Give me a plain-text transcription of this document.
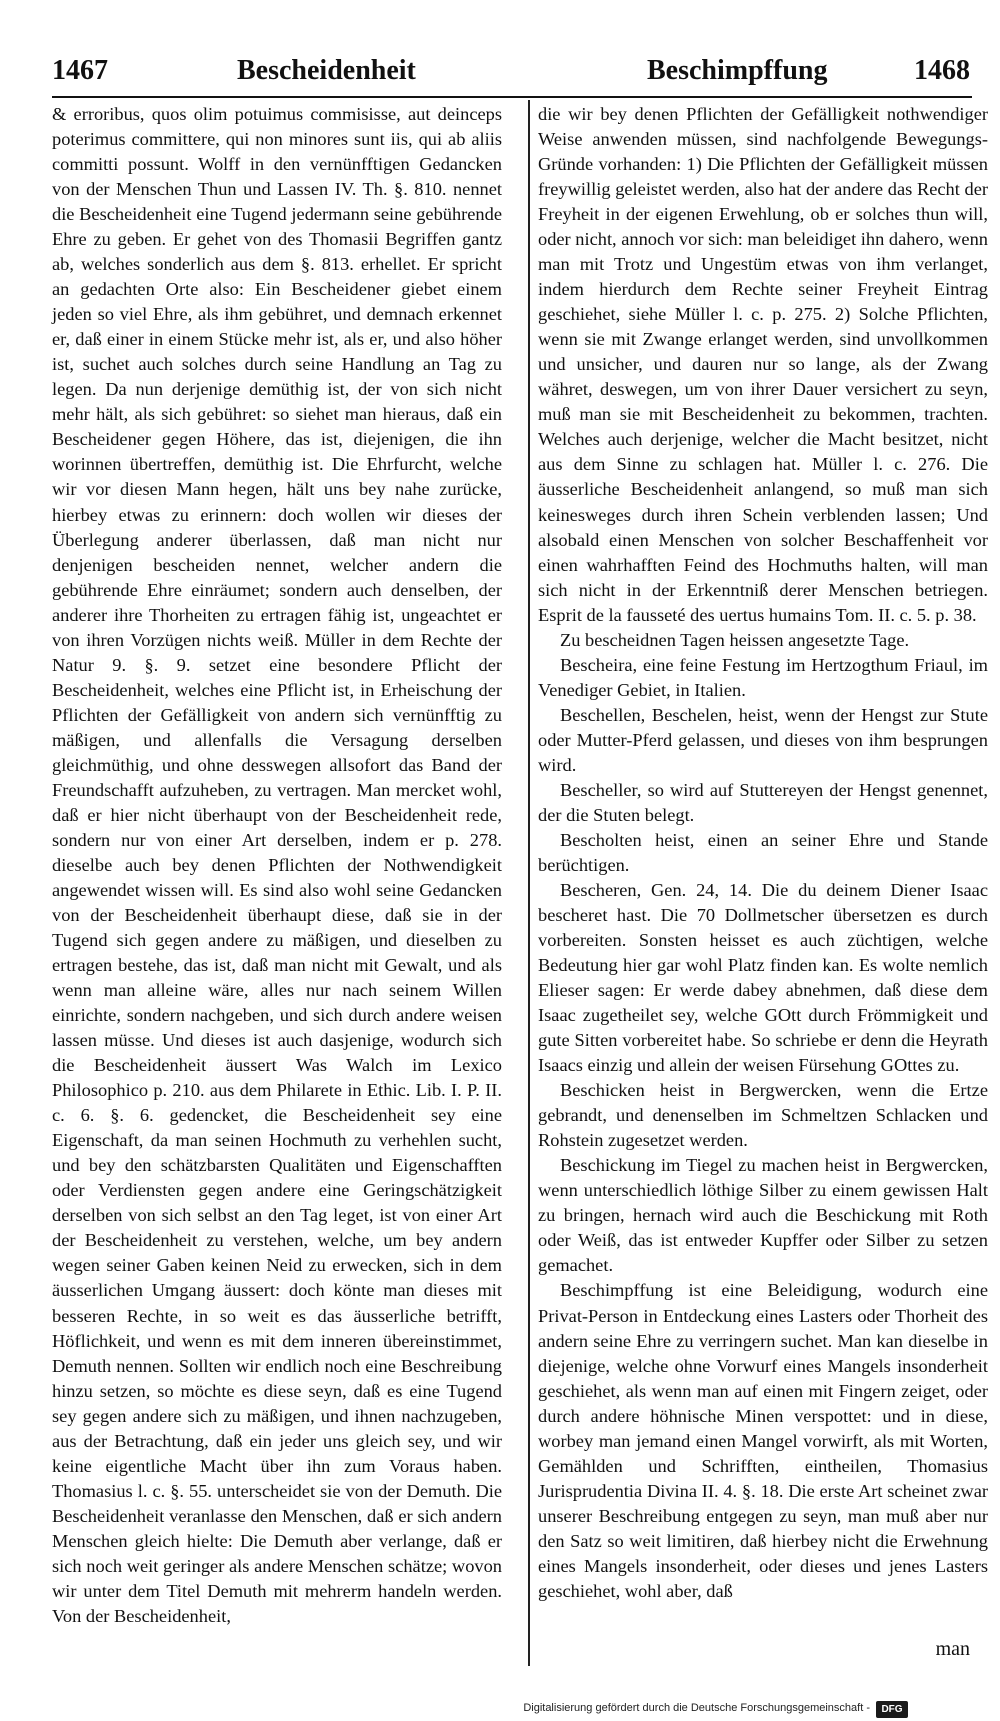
1467	Bescheidenheit	Beschimpffung	1468

& erroribus, quos olim potuimus commisisse, aut deinceps poterimus committere, qui non minores sunt iis, qui ab aliis committi possunt. Wolff in den vernünfftigen Gedancken von der Menschen Thun und Lassen IV. Th. §. 810. nennet die Bescheidenheit eine Tugend jedermann seine gebührende Ehre zu geben. Er gehet von des Thomasii Begriffen gantz ab, welches sonderlich aus dem §. 813. erhellet. Er spricht an gedachten Orte also: Ein Bescheidener giebet einem jeden so viel Ehre, als ihm gebühret, und demnach erkennet er, daß einer in einem Stücke mehr ist, als er, und also höher ist, suchet auch solches durch seine Handlung an Tag zu legen. Da nun derjenige demüthig ist, der von sich nicht mehr hält, als sich gebühret: so siehet man hieraus, daß ein Bescheidener gegen Höhere, das ist, diejenigen, die ihn worinnen übertreffen, demüthig ist. Die Ehrfurcht, welche wir vor diesen Mann hegen, hält uns bey nahe zurücke, hierbey etwas zu erinnern: doch wollen wir dieses der Überlegung anderer überlassen, daß man nicht nur denjenigen bescheiden nennet, welcher andern die gebührende Ehre einräumet; sondern auch denselben, der anderer ihre Thorheiten zu ertragen fähig ist, ungeachtet er von ihren Vorzügen nichts weiß. Müller in dem Rechte der Natur 9. §. 9. setzet eine besondere Pflicht der Bescheidenheit, welches eine Pflicht ist, in Erheischung der Pflichten der Gefälligkeit von andern sich vernünfftig zu mäßigen, und allenfalls die Versagung derselben gleichmüthig, und ohne desswegen allsofort das Band der Freundschafft aufzuheben, zu vertragen. Man mercket wohl, daß er hier nicht überhaupt von der Bescheidenheit rede, sondern nur von einer Art derselben, indem er p. 278. dieselbe auch bey denen Pflichten der Nothwendigkeit angewendet wissen will. Es sind also wohl seine Gedancken von der Bescheidenheit überhaupt diese, daß sie in der Tugend sich gegen andere zu mäßigen, und dieselben zu ertragen bestehe, das ist, daß man nicht mit Gewalt, und als wenn man alleine wäre, alles nur nach seinem Willen einrichte, sondern nachgeben, und sich durch andere weisen lassen müsse. Und dieses ist auch dasjenige, wodurch sich die Bescheidenheit äussert Was Walch im Lexico Philosophico p. 210. aus dem Philarete in Ethic. Lib. I. P. II. c. 6. §. 6. gedencket, die Bescheidenheit sey eine Eigenschaft, da man seinen Hochmuth zu verhehlen sucht, und bey den schätzbarsten Qualitäten und Eigenschafften oder Verdiensten gegen andere eine Geringschätzigkeit derselben von sich selbst an den Tag leget, ist von einer Art der Bescheidenheit zu verstehen, welche, um bey andern wegen seiner Gaben keinen Neid zu erwecken, sich in dem äusserlichen Umgang äussert: doch könte man dieses mit besseren Rechte, in so weit es das äusserliche betrifft, Höflichkeit, und wenn es mit dem inneren übereinstimmet, Demuth nennen. Sollten wir endlich noch eine Beschreibung hinzu setzen, so möchte es diese seyn, daß es eine Tugend sey gegen andere sich zu mäßigen, und ihnen nachzugeben, aus der Betrachtung, daß ein jeder uns gleich sey, und wir keine eigentliche Macht über ihn zum Voraus haben. Thomasius l. c. §. 55. unterscheidet sie von der Demuth. Die Bescheidenheit veranlasse den Menschen, daß er sich andern Menschen gleich hielte: Die Demuth aber verlange, daß er sich noch weit geringer als andere Menschen schätze; wovon wir unter dem Titel Demuth mit mehrerm handeln werden. Von der Bescheidenheit,

die wir bey denen Pflichten der Gefälligkeit nothwendiger Weise anwenden müssen, sind nachfolgende Bewegungs-Gründe vorhanden: 1) Die Pflichten der Gefälligkeit müssen freywillig geleistet werden, also hat der andere das Recht der Freyheit in der eigenen Erwehlung, ob er solches thun will, oder nicht, annoch vor sich: man beleidiget ihn dahero, wenn man mit Trotz und Ungestüm etwas von ihm verlanget, indem hierdurch dem Rechte seiner Freyheit Eintrag geschiehet, siehe Müller l. c. p. 275. 2) Solche Pflichten, wenn sie mit Zwange erlanget werden, sind unvollkommen und unsicher, und dauren nur so lange, als der Zwang währet, deswegen, um von ihrer Dauer versichert zu seyn, muß man sie mit Bescheidenheit zu bekommen, trachten. Welches auch derjenige, welcher die Macht besitzet, nicht aus dem Sinne zu schlagen hat. Müller l. c. 276. Die äusserliche Bescheidenheit anlangend, so muß man sich keinesweges durch ihren Schein verblenden lassen; Und alsobald einen Menschen von solcher Beschaffenheit vor einen wahrhafften Feind des Hochmuths halten, will man sich nicht in der Erkenntniß derer Menschen betriegen. Esprit de la fausseté des uertus humains Tom. II. c. 5. p. 38.

Zu bescheidnen Tagen heissen angesetzte Tage.

Bescheira, eine feine Festung im Hertzogthum Friaul, im Venediger Gebiet, in Italien.

Beschellen, Beschelen, heist, wenn der Hengst zur Stute oder Mutter-Pferd gelassen, und dieses von ihm besprungen wird.

Bescheller, so wird auf Stuttereyen der Hengst genennet, der die Stuten belegt.

Bescholten heist, einen an seiner Ehre und Stande berüchtigen.

Bescheren, Gen. 24, 14. Die du deinem Diener Isaac bescheret hast. Die 70 Dollmetscher übersetzen es durch vorbereiten. Sonsten heisset es auch züchtigen, welche Bedeutung hier gar wohl Platz finden kan. Es wolte nemlich Elieser sagen: Er werde dabey abnehmen, daß diese dem Isaac zugetheilet sey, welche GOtt durch Frömmigkeit und gute Sitten vorbereitet habe. So schriebe er denn die Heyrath Isaacs einzig und allein der weisen Fürsehung GOttes zu.

Beschicken heist in Bergwercken, wenn die Ertze gebrandt, und denenselben im Schmeltzen Schlacken und Rohstein zugesetzet werden.

Beschickung im Tiegel zu machen heist in Bergwercken, wenn unterschiedlich löthige Silber zu einem gewissen Halt zu bringen, hernach wird auch die Beschickung mit Roth oder Weiß, das ist entweder Kupffer oder Silber zu setzen gemachet.

Beschimpffung ist eine Beleidigung, wodurch eine Privat-Person in Entdeckung eines Lasters oder Thorheit des andern seine Ehre zu verringern suchet. Man kan dieselbe in diejenige, welche ohne Vorwurf eines Mangels insonderheit geschiehet, als wenn man auf einen mit Fingern zeiget, oder durch andere höhnische Minen verspottet: und in diese, worbey man jemand einen Mangel vorwirft, als mit Worten, Gemählden und Schrifften, eintheilen, Thomasius Jurisprudentia Divina II. 4. §. 18. Die erste Art scheinet zwar unserer Beschreibung entgegen zu seyn, man muß aber nur den Satz so weit limitiren, daß hierbey nicht die Erwehnung eines Mangels insonderheit, oder dieses und jenes Lasters geschiehet, wohl aber, daß

man
Digitalisierung gefördert durch die Deutsche Forschungsgemeinschaft -	DFG
